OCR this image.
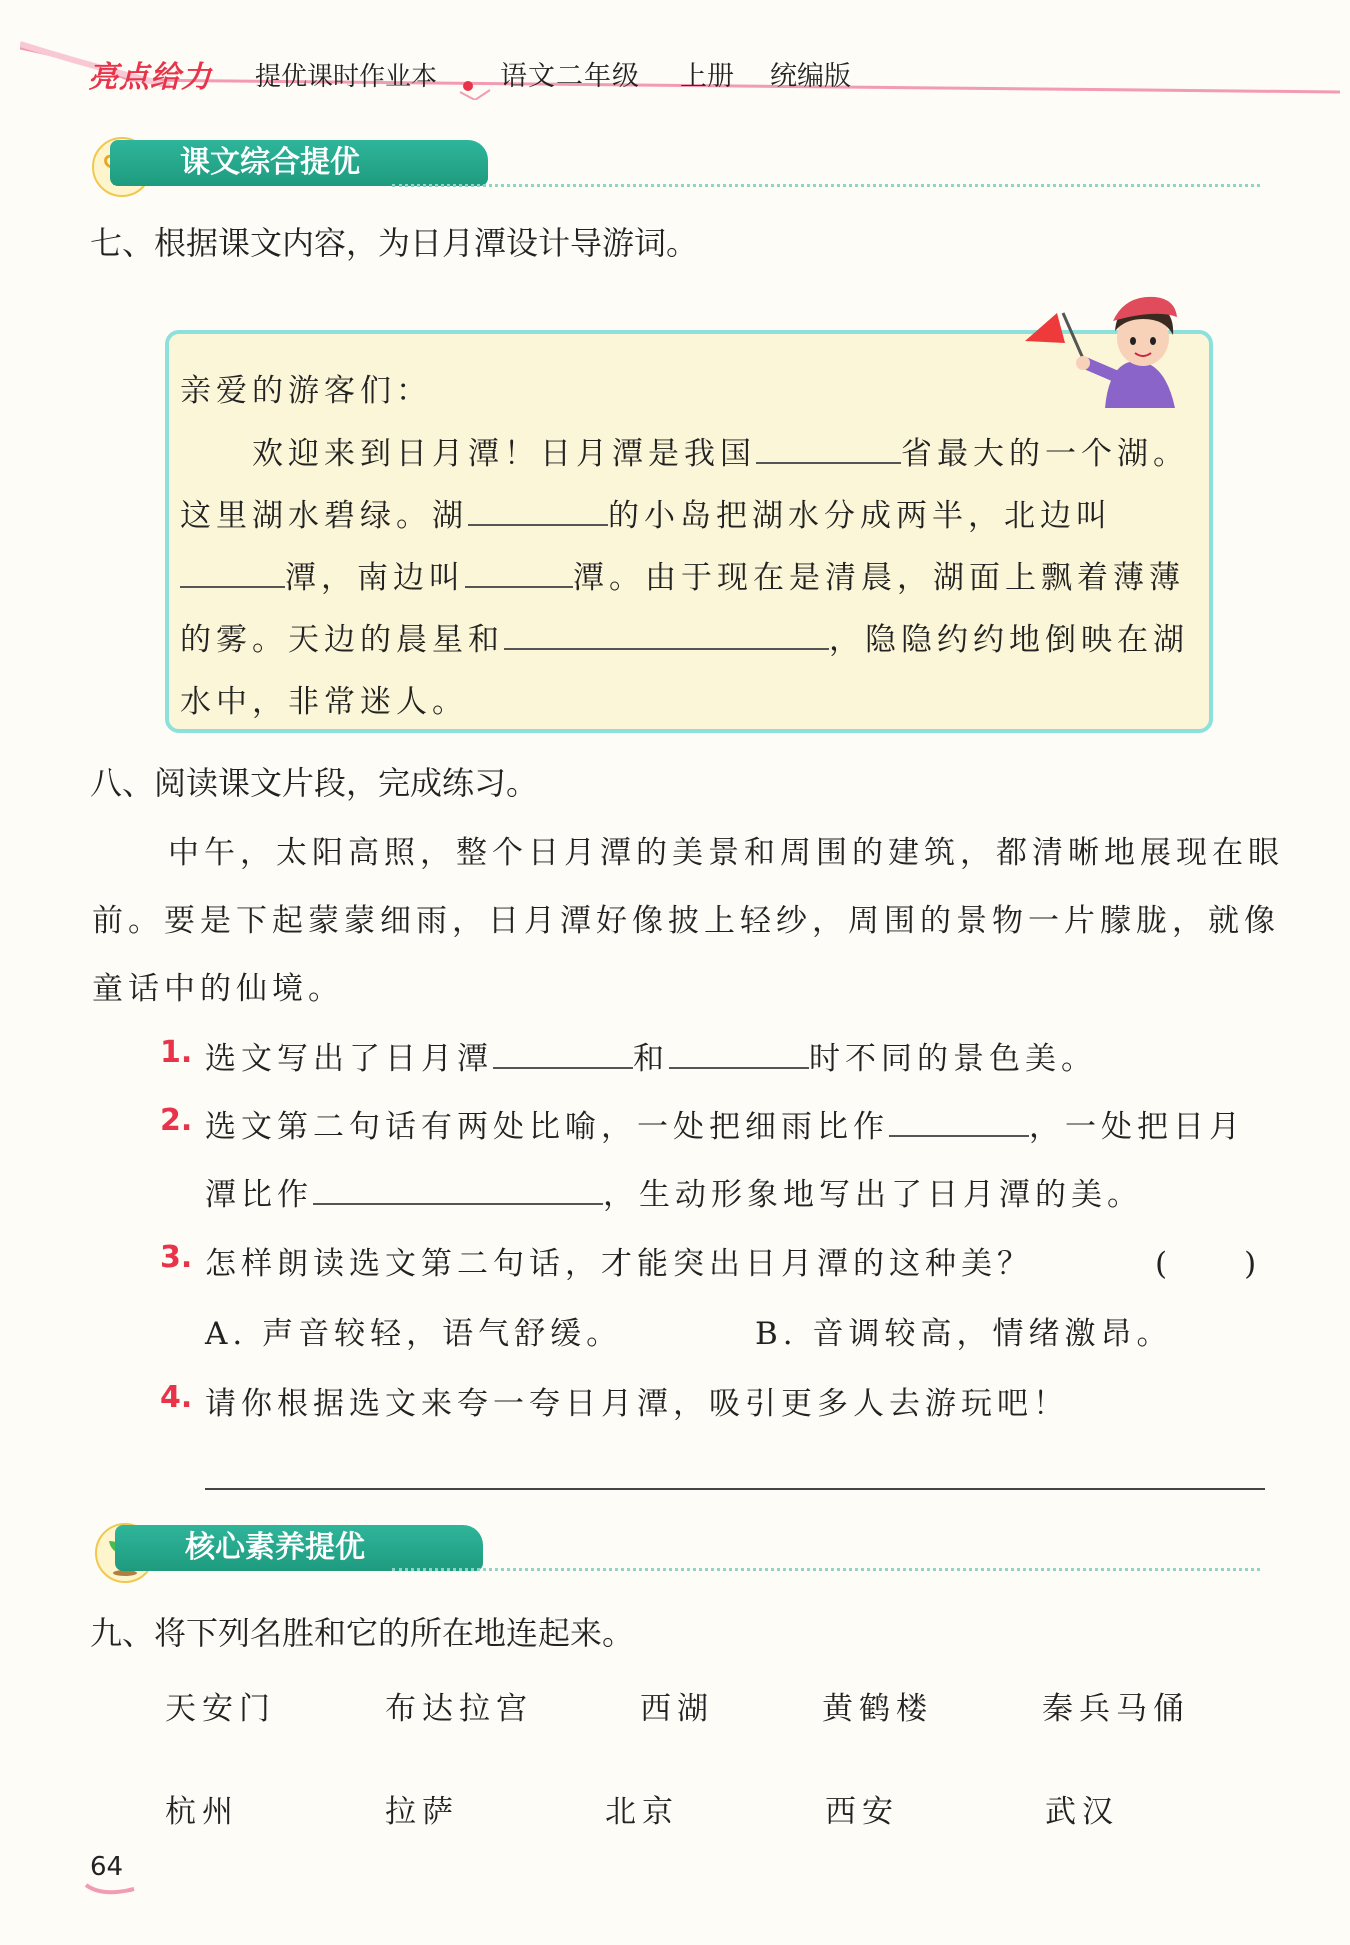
亮点给力 提优课时作业本 语文二年级 上册 统编版
课文综合提优
七、根据课文内容，为日月潭设计导游词。
亲爱的游客们：
欢迎来到日月潭！日月潭是我国	省最大的一个湖。
这里湖水碧绿。湖	的小岛把湖水分成两半，北边叫
潭，南边叫	潭。由于现在是清晨，湖面上飘着薄薄
的雾。天边的晨星和	，隐隐约约地倒映在湖
水中，非常迷人。
八、阅读课文片段，完成练习。
中午，太阳高照，整个日月潭的美景和周围的建筑，都清晰地展现在眼
前。要是下起蒙蒙细雨，日月潭好像披上轻纱，周围的景物一片朦胧，就像
童话中的仙境。
1. 选文写出了日月潭	和	时不同的景色美。
2. 选文第二句话有两处比喻，一处把细雨比作	，一处把日月
潭比作	，生动形象地写出了日月潭的美。
3. 怎样朗读选文第二句话，才能突出日月潭的这种美？	(　　)
A. 声音较轻，语气舒缓。	B. 音调较高，情绪激昂。
4. 请你根据选文来夸一夸日月潭，吸引更多人去游玩吧！
核心素养提优
九、将下列名胜和它的所在地连起来。
天安门	布达拉宫	西湖	黄鹤楼	秦兵马俑
杭州	拉萨	北京	西安	武汉
64
